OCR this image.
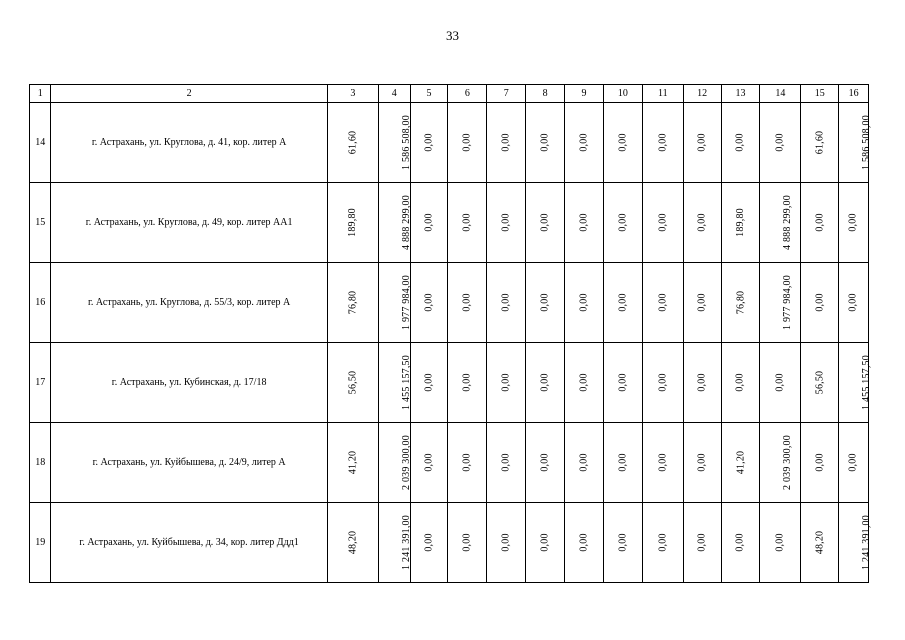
33
1	2	3	4	5	6	7	8	9	10	11	12	13	14	15	16
14	г. Астрахань, ул. Круглова, д. 41, кор. литер А	61,60	1 586 508,00	0,00	0,00	0,00	0,00	0,00	0,00	0,00	0,00	0,00	0,00	61,60	1 586 508,00
15	г. Астрахань, ул. Круглова, д. 49, кор. литер АА1	189,80	4 888 299,00	0,00	0,00	0,00	0,00	0,00	0,00	0,00	0,00	189,80	4 888 299,00	0,00	0,00
16	г. Астрахань, ул. Круглова, д. 55/3, кор. литер А	76,80	1 977 984,00	0,00	0,00	0,00	0,00	0,00	0,00	0,00	0,00	76,80	1 977 984,00	0,00	0,00
17	г. Астрахань, ул. Кубинская, д. 17/18	56,50	1 455 157,50	0,00	0,00	0,00	0,00	0,00	0,00	0,00	0,00	0,00	0,00	56,50	1 455 157,50
18	г. Астрахань, ул. Куйбышева, д. 24/9, литер А	41,20	2 039 300,00	0,00	0,00	0,00	0,00	0,00	0,00	0,00	0,00	41,20	2 039 300,00	0,00	0,00
19	г. Астрахань, ул. Куйбышева, д. 34, кор. литер Ддд1	48,20	1 241 391,00	0,00	0,00	0,00	0,00	0,00	0,00	0,00	0,00	0,00	0,00	48,20	1 241 391,00
